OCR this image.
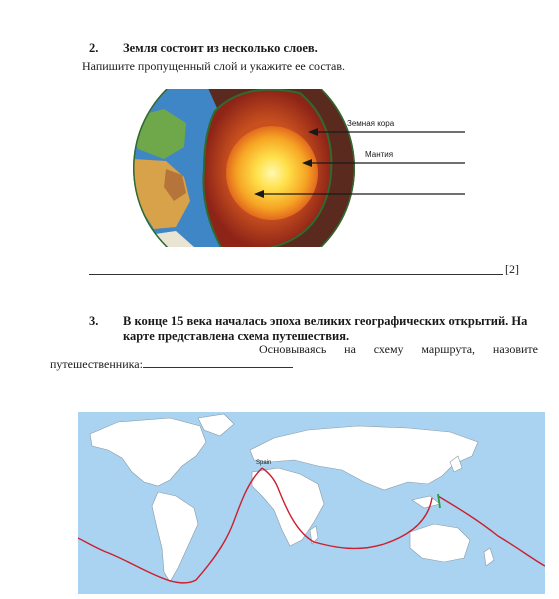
2. Земля состоит из несколько слоев.
Напишите пропущенный слой и укажите ее состав.
Земная кора
Мантия
[2]
3. В конце 15 века началась эпоха великих географических открытий. На карте представлена схема путешествия.
Основываясь на схему маршрута, назовите
путешественника:
Spain
